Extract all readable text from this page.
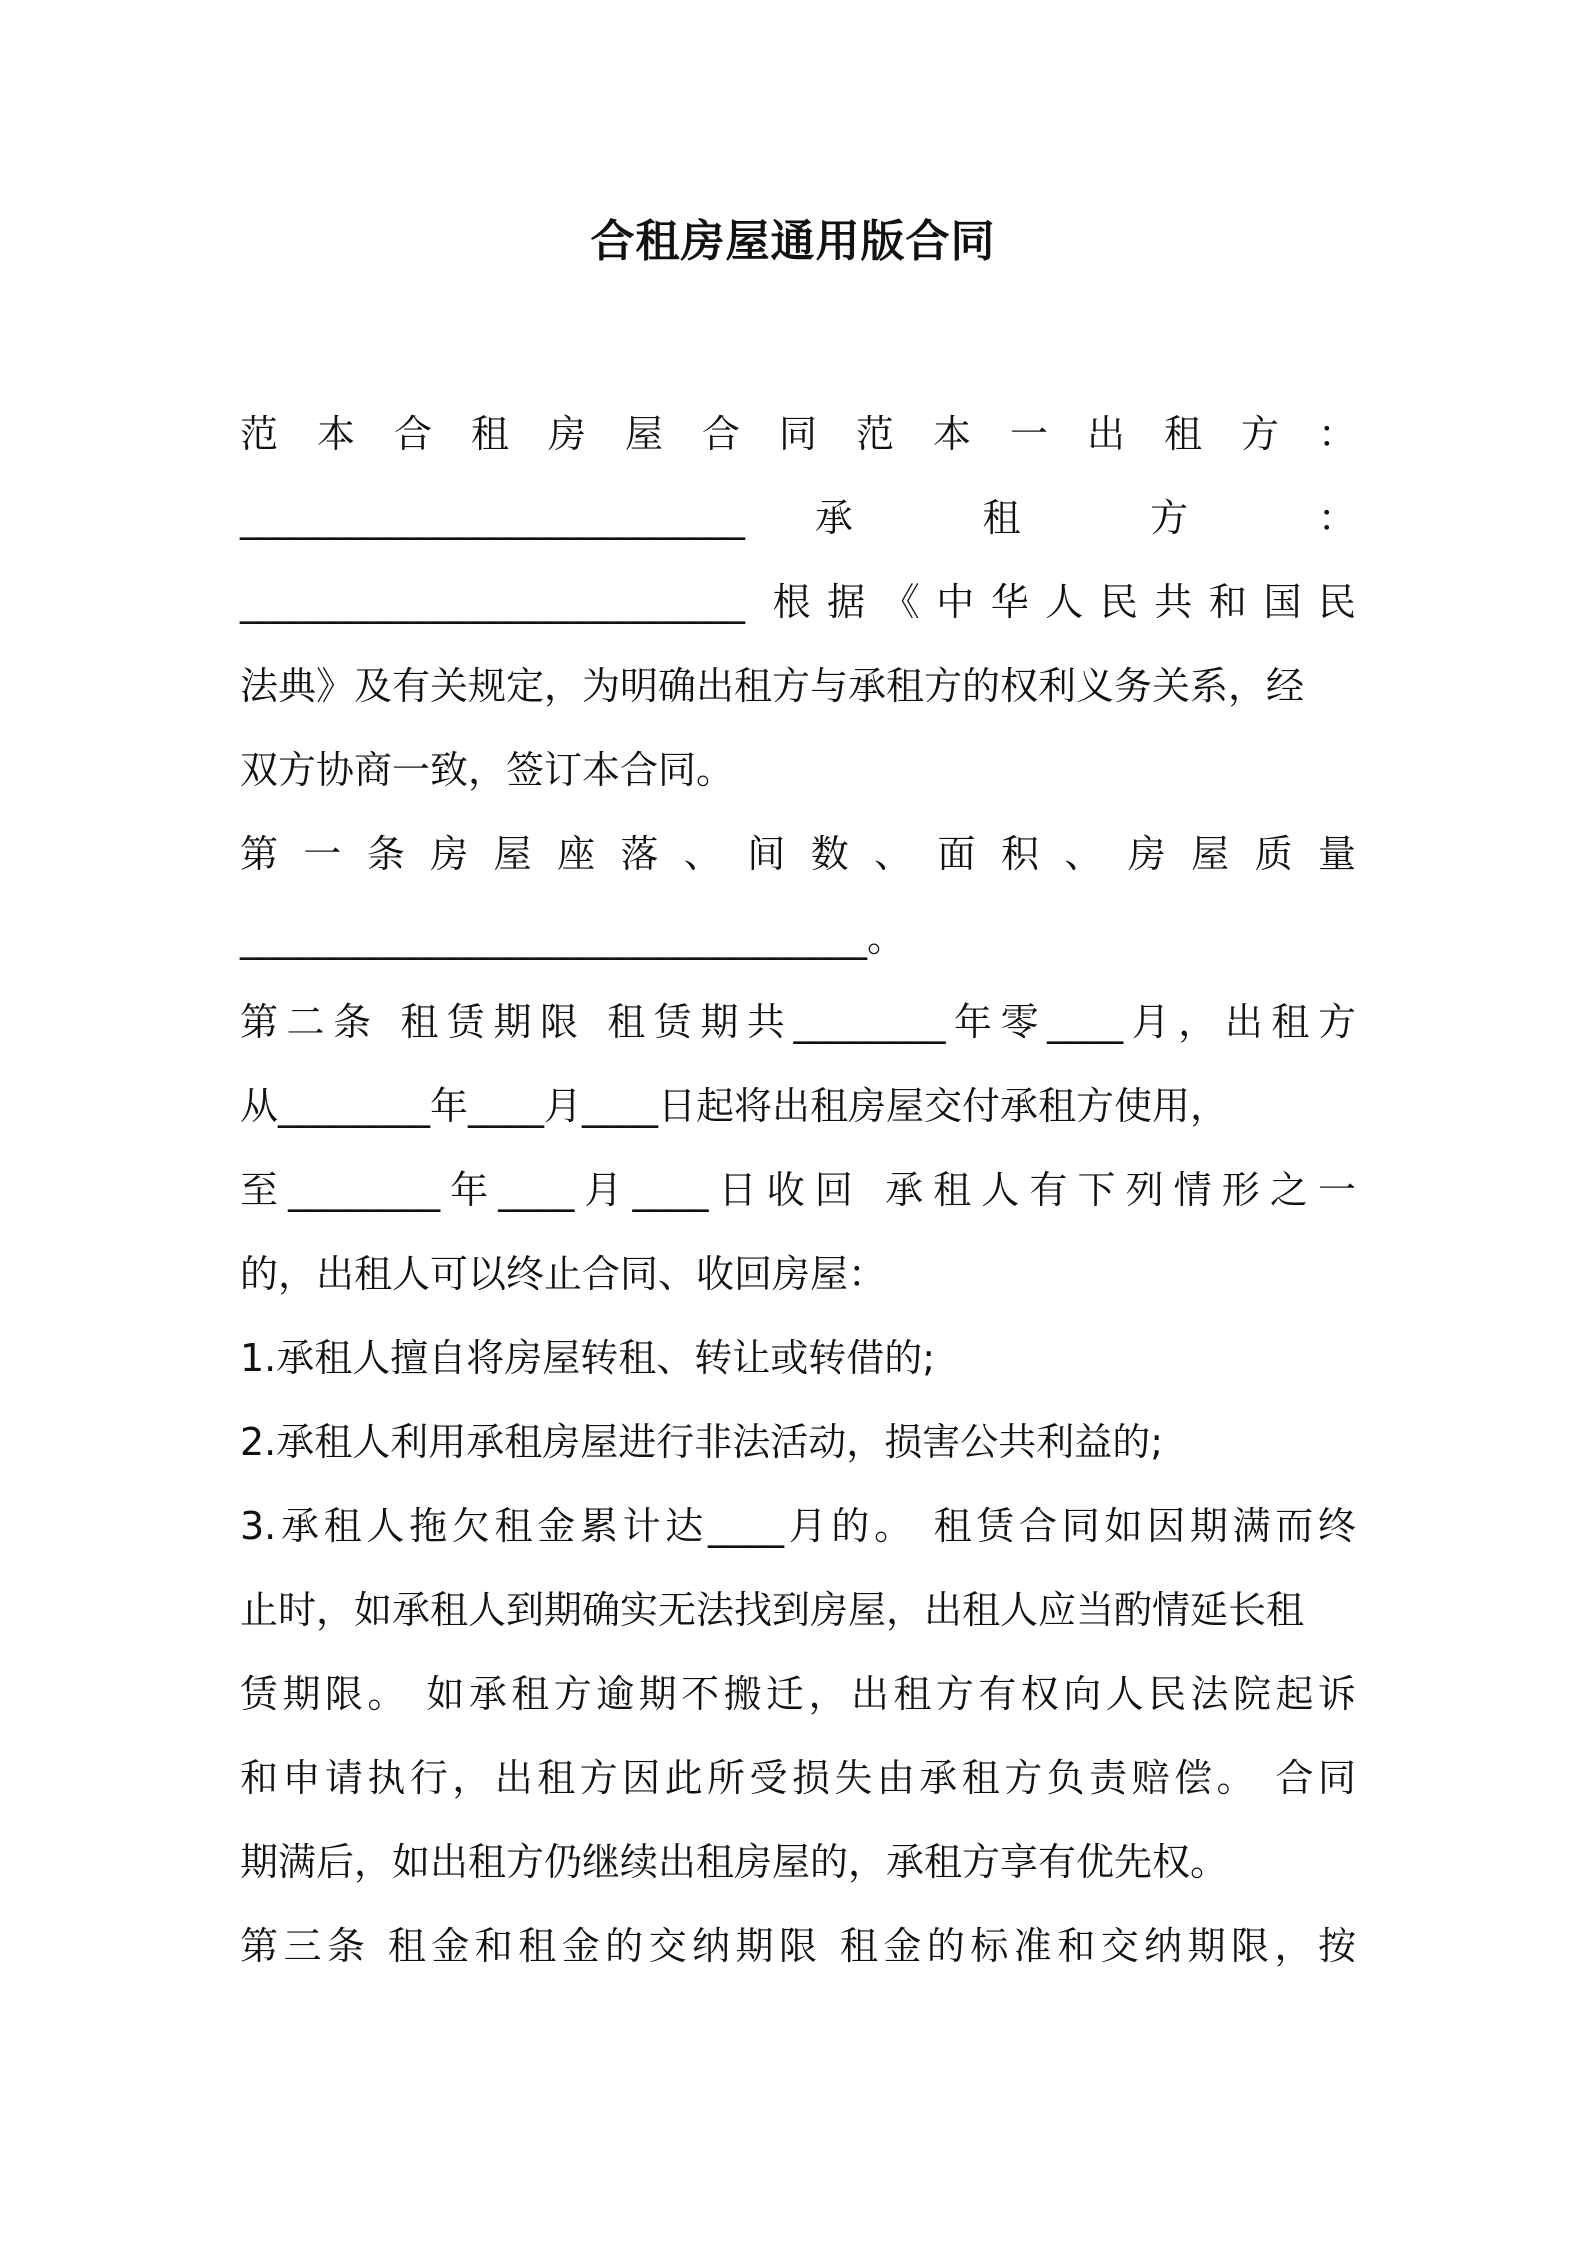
合租房屋通用版合同

范 本 合 租 房 屋 合 同 范 本 一 出 租 方 ：

____________________________ 承 租 方 ：

____________________________ 根据《中华人民共和国民

法典》及有关规定，为明确出租方与承租方的权利义务关系，经

双方协商一致，签订本合同。

第 一 条 房 屋 座 落 、 间 数 、 面 积 、 房 屋 质 量

_________________________________。

第二条 租赁期限 租赁期共________年零____月，出租方

从________年____月____日起将出租房屋交付承租方使用，

至________年____月____日收回 承租人有下列情形之一

的，出租人可以终止合同、收回房屋：

1.承租人擅自将房屋转租、转让或转借的;

2.承租人利用承租房屋进行非法活动，损害公共利益的;

3.承租人拖欠租金累计达____月的。 租赁合同如因期满而终

止时，如承租人到期确实无法找到房屋，出租人应当酌情延长租

赁期限。 如承租方逾期不搬迁，出租方有权向人民法院起诉

和申请执行，出租方因此所受损失由承租方负责赔偿。 合同

期满后，如出租方仍继续出租房屋的，承租方享有优先权。

第三条 租金和租金的交纳期限 租金的标准和交纳期限，按
